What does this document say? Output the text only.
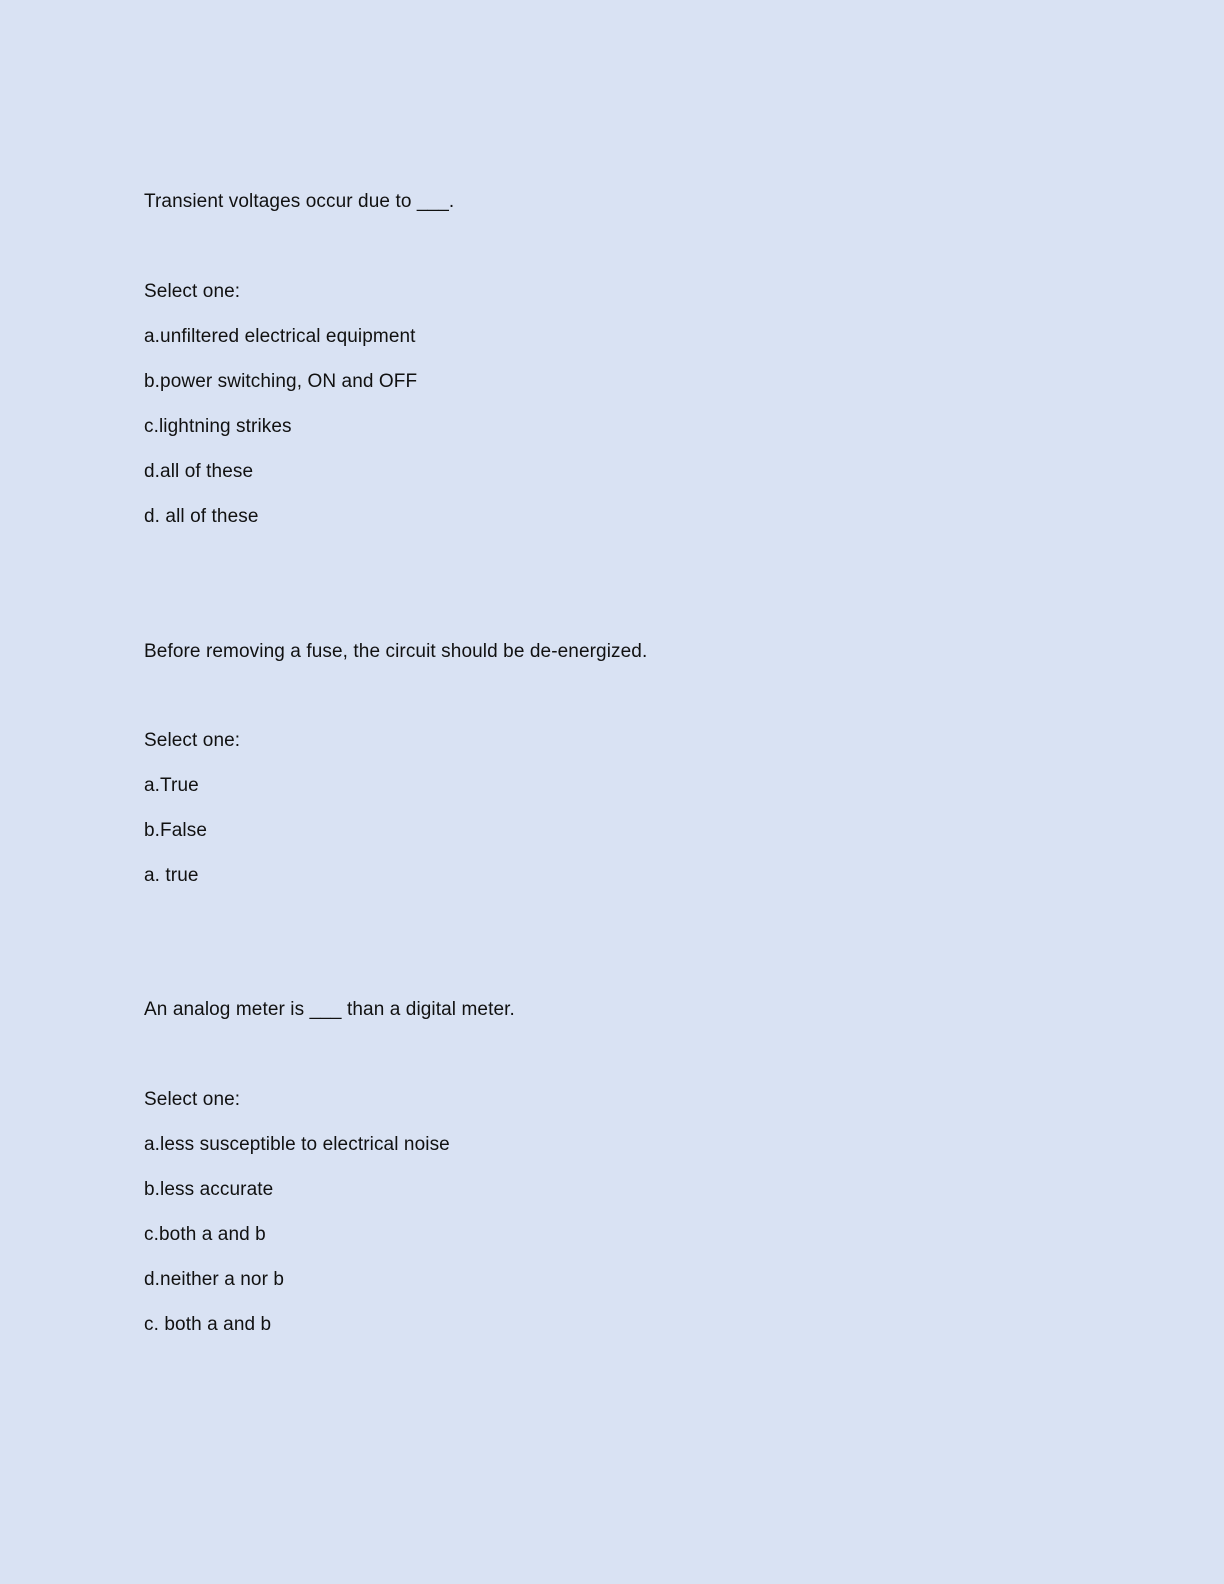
Transient voltages occur due to ___.
Select one:
a.unfiltered electrical equipment
b.power switching, ON and OFF
c.lightning strikes
d.all of these
d. all of these
Before removing a fuse, the circuit should be de-energized.
Select one:
a.True
b.False
a. true
An analog meter is ___ than a digital meter.
Select one:
a.less susceptible to electrical noise
b.less accurate
c.both a and b
d.neither a nor b
c. both a and b
